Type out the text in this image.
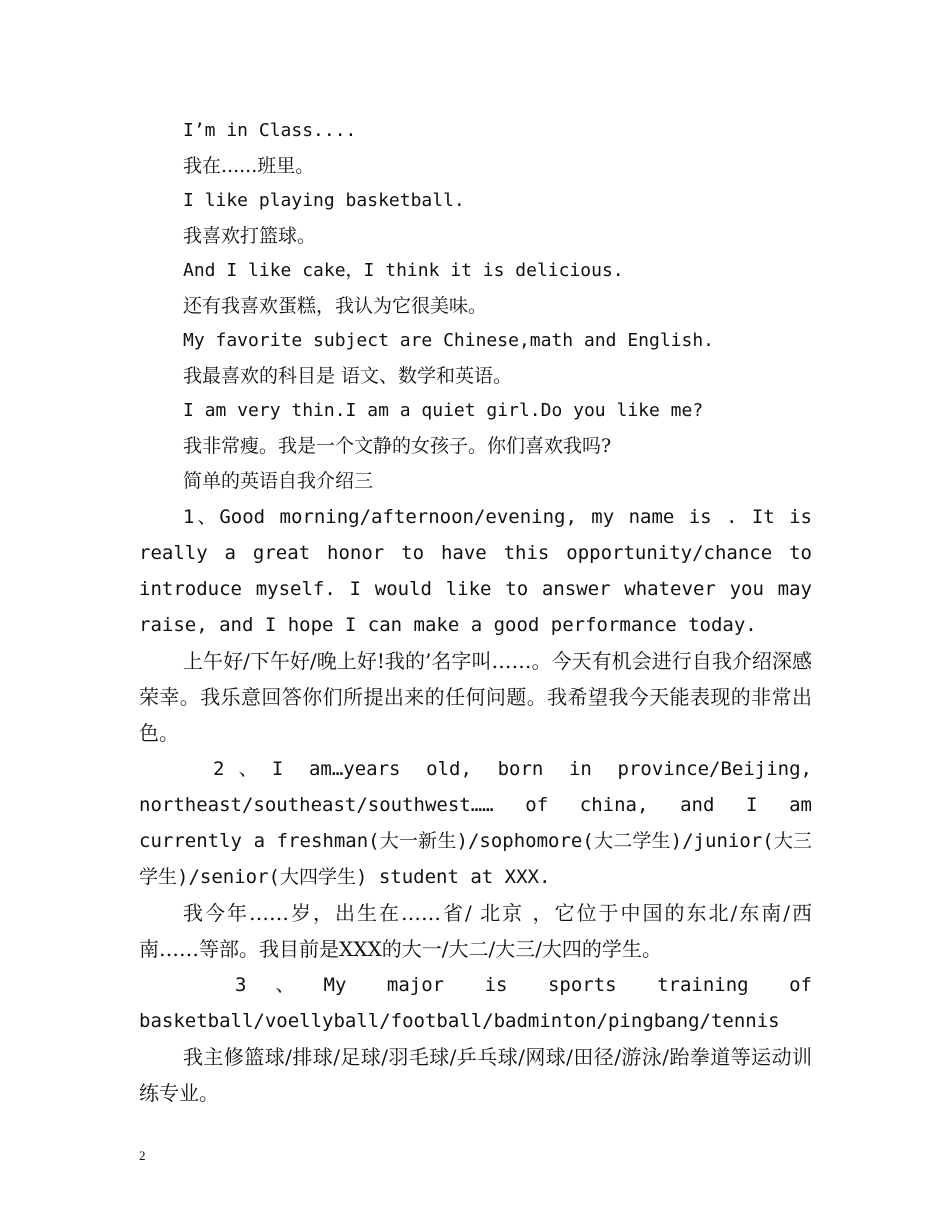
I’m in Class....
我在......班里。
I like playing basketball.
我喜欢打篮球。
And I like cake，I think it is delicious.
还有我喜欢蛋糕，我认为它很美味。
My favorite subject are Chinese,math and English.
我最喜欢的科目是 语文、数学和英语。
I am very thin.I am a quiet girl.Do you like me?
我非常瘦。我是一个文静的女孩子。你们喜欢我吗?
简单的英语自我介绍三
1、Good morning/afternoon/evening, my name is . It is really a great honor to have this opportunity/chance to introduce myself. I would like to answer whatever you may raise, and I hope I can make a good performance today.
上午好/下午好/晚上好!我的’名字叫……。今天有机会进行自我介绍深感荣幸。我乐意回答你们所提出来的任何问题。我希望我今天能表现的非常出色。
2、I am…years old, born in province/Beijing, northeast/southeast/southwest…… of china, and I am currently a freshman(大一新生)/sophomore(大二学生)/junior(大三学生)/senior(大四学生) student at XXX.
我今年……岁，出生在……省/ 北京 ，它位于中国的东北/东南/西南……等部。我目前是XXX的大一/大二/大三/大四的学生。
3、My major is sports training of basketball/voellyball/football/badminton/pingbang/tennis
我主修篮球/排球/足球/羽毛球/乒乓球/网球/田径/游泳/跆拳道等运动训练专业。
2
